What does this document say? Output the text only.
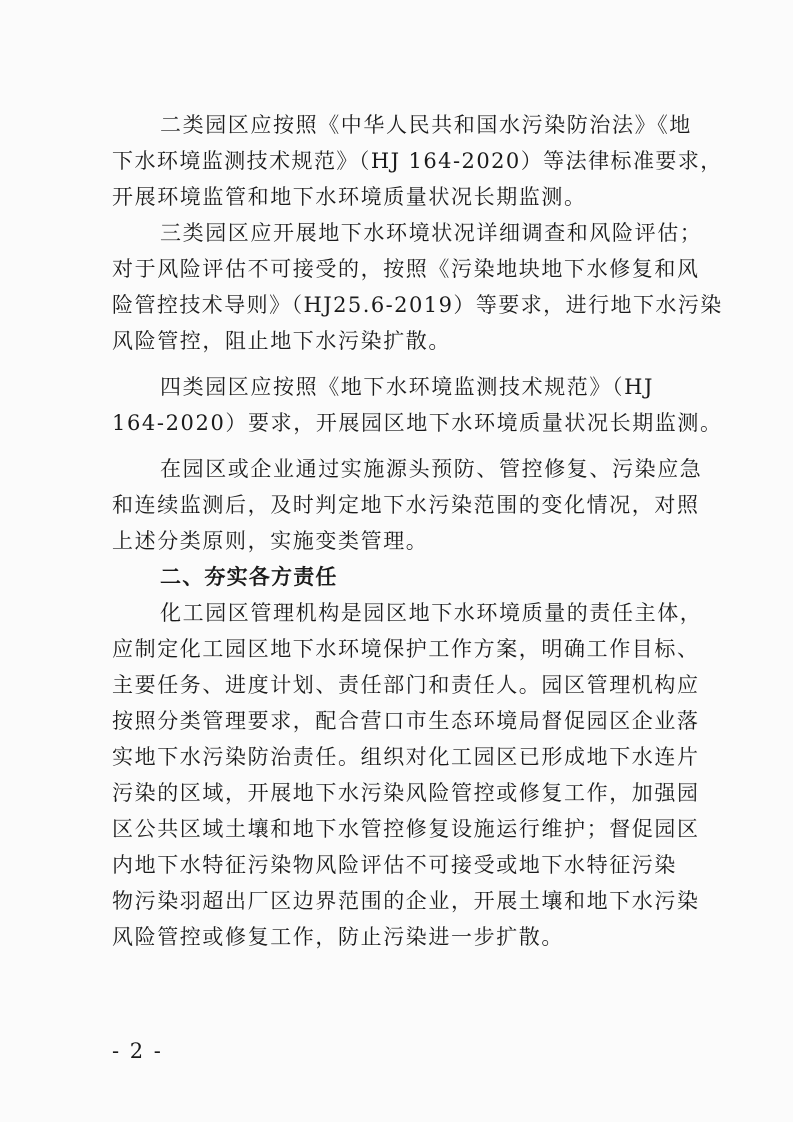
二类园区应按照《中华人民共和国水污染防治法》《地
下水环境监测技术规范》（HJ 164-2020）等法律标准要求，
开展环境监管和地下水环境质量状况长期监测。
三类园区应开展地下水环境状况详细调查和风险评估；
对于风险评估不可接受的，按照《污染地块地下水修复和风
险管控技术导则》（HJ25.6-2019）等要求，进行地下水污染
风险管控，阻止地下水污染扩散。
四类园区应按照《地下水环境监测技术规范》（HJ
164-2020）要求，开展园区地下水环境质量状况长期监测。
在园区或企业通过实施源头预防、管控修复、污染应急
和连续监测后，及时判定地下水污染范围的变化情况，对照
上述分类原则，实施变类管理。
二、夯实各方责任
化工园区管理机构是园区地下水环境质量的责任主体，
应制定化工园区地下水环境保护工作方案，明确工作目标、
主要任务、进度计划、责任部门和责任人。园区管理机构应
按照分类管理要求，配合营口市生态环境局督促园区企业落
实地下水污染防治责任。组织对化工园区已形成地下水连片
污染的区域，开展地下水污染风险管控或修复工作，加强园
区公共区域土壤和地下水管控修复设施运行维护；督促园区
内地下水特征污染物风险评估不可接受或地下水特征污染
物污染羽超出厂区边界范围的企业，开展土壤和地下水污染
风险管控或修复工作，防止污染进一步扩散。
- 2 -
